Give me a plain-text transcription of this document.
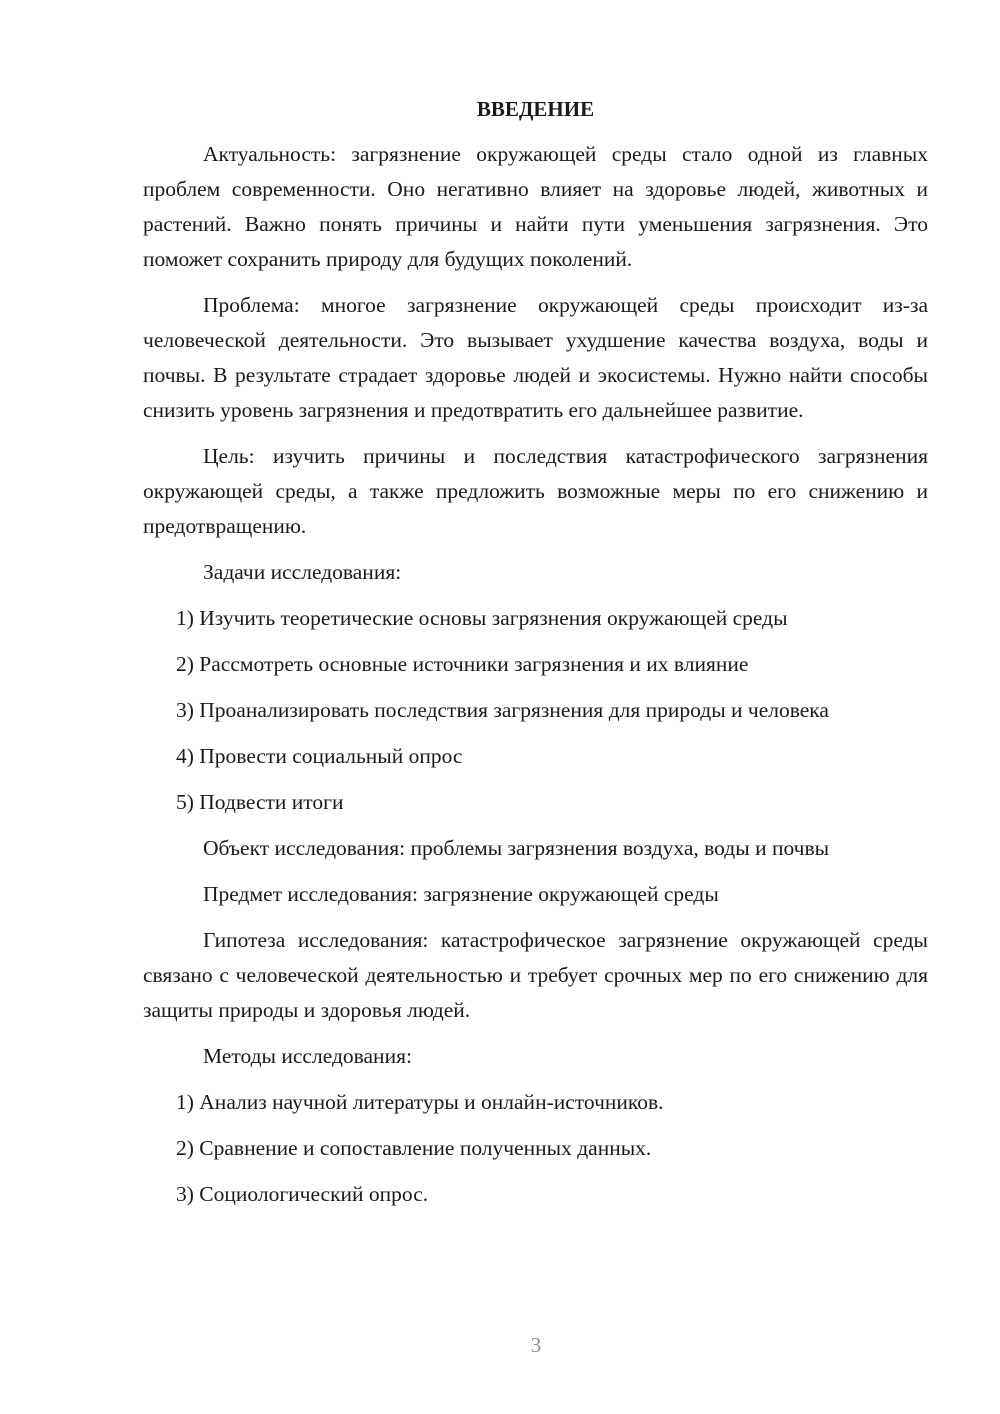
ВВЕДЕНИЕ

Актуальность: загрязнение окружающей среды стало одной из главных проблем современности. Оно негативно влияет на здоровье людей, животных и растений. Важно понять причины и найти пути уменьшения загрязнения. Это поможет сохранить природу для будущих поколений.

Проблема: многое загрязнение окружающей среды происходит из-за человеческой деятельности. Это вызывает ухудшение качества воздуха, воды и почвы. В результате страдает здоровье людей и экосистемы. Нужно найти способы снизить уровень загрязнения и предотвратить его дальнейшее развитие.

Цель: изучить причины и последствия катастрофического загрязнения окружающей среды, а также предложить возможные меры по его снижению и предотвращению.

Задачи исследования:

1) Изучить теоретические основы загрязнения окружающей среды

2) Рассмотреть основные источники загрязнения и их влияние

3) Проанализировать последствия загрязнения для природы и человека

4) Провести социальный опрос

5) Подвести итоги

Объект исследования: проблемы загрязнения воздуха, воды и почвы

Предмет исследования: загрязнение окружающей среды

Гипотеза исследования: катастрофическое загрязнение окружающей среды связано с человеческой деятельностью и требует срочных мер по его снижению для защиты природы и здоровья людей.

Методы исследования:

1) Анализ научной литературы и онлайн-источников.

2) Сравнение и сопоставление полученных данных.

3) Социологический опрос.

3
